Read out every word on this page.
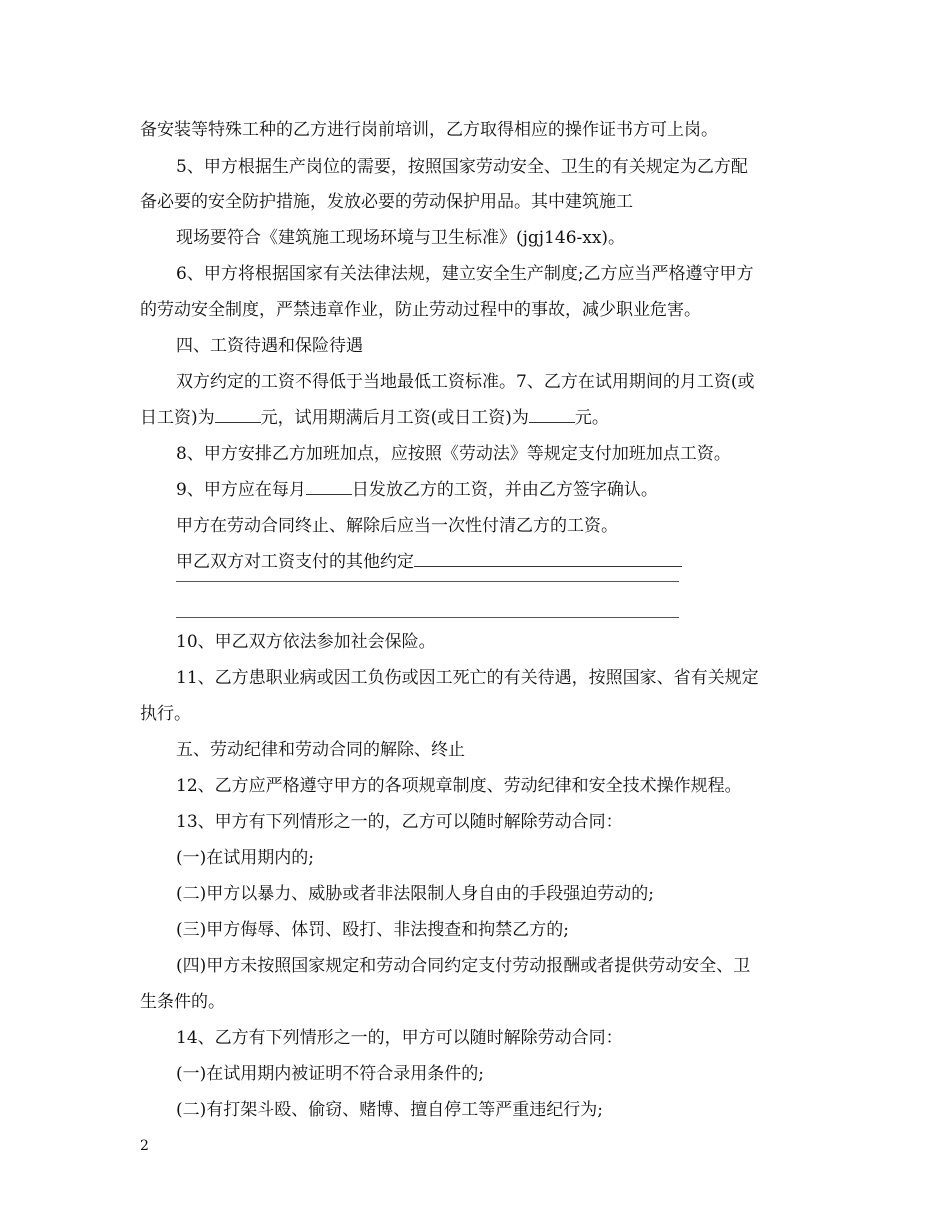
备安装等特殊工种的乙方进行岗前培训，乙方取得相应的操作证书方可上岗。
5、甲方根据生产岗位的需要，按照国家劳动安全、卫生的有关规定为乙方配
备必要的安全防护措施，发放必要的劳动保护用品。其中建筑施工
现场要符合《建筑施工现场环境与卫生标准》(jgj146-xx)。
6、甲方将根据国家有关法律法规，建立安全生产制度;乙方应当严格遵守甲方
的劳动安全制度，严禁违章作业，防止劳动过程中的事故，减少职业危害。
四、工资待遇和保险待遇
双方约定的工资不得低于当地最低工资标准。7、乙方在试用期间的月工资(或
日工资)为	元，试用期满后月工资(或日工资)为	元。
8、甲方安排乙方加班加点，应按照《劳动法》等规定支付加班加点工资。
9、甲方应在每月	日发放乙方的工资，并由乙方签字确认。
甲方在劳动合同终止、解除后应当一次性付清乙方的工资。
甲乙双方对工资支付的其他约定
10、甲乙双方依法参加社会保险。
11、乙方患职业病或因工负伤或因工死亡的有关待遇，按照国家、省有关规定
执行。
五、劳动纪律和劳动合同的解除、终止
12、乙方应严格遵守甲方的各项规章制度、劳动纪律和安全技术操作规程。
13、甲方有下列情形之一的，乙方可以随时解除劳动合同：
(一)在试用期内的;
(二)甲方以暴力、威胁或者非法限制人身自由的手段强迫劳动的;
(三)甲方侮辱、体罚、殴打、非法搜查和拘禁乙方的;
(四)甲方未按照国家规定和劳动合同约定支付劳动报酬或者提供劳动安全、卫
生条件的。
14、乙方有下列情形之一的，甲方可以随时解除劳动合同：
(一)在试用期内被证明不符合录用条件的;
(二)有打架斗殴、偷窃、赌博、擅自停工等严重违纪行为;
2
